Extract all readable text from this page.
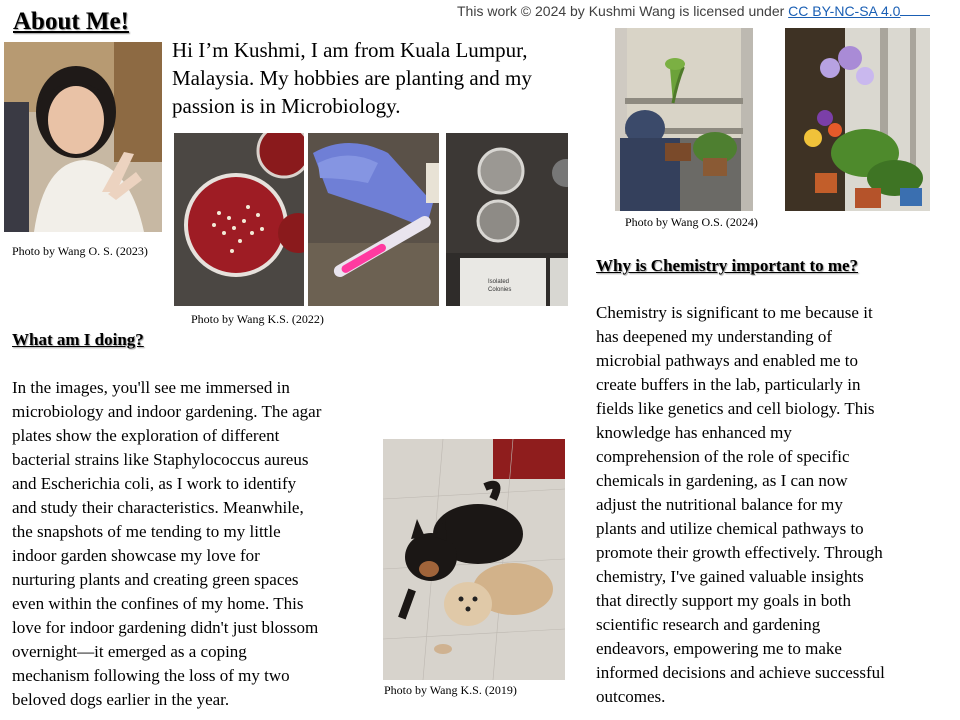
About Me!	This work © 2024 by Kushmi Wang is licensed under CC BY-NC-SA 4.0
Photo by Wang O. S. (2023)
Hi I’m Kushmi, I am from Kuala Lumpur, Malaysia. My hobbies are planting and my passion is in Microbiology.
Isolated Colonies
Photo by Wang K.S. (2022)
What am I doing?
In the images, you'll see me immersed in
microbiology and indoor gardening. The agar
plates show the exploration of different
bacterial strains like Staphylococcus aureus
and Escherichia coli, as I work to identify
and study their characteristics. Meanwhile,
the snapshots of me tending to my little
indoor garden showcase my love for
nurturing plants and creating green spaces
even within the confines of my home. This
love for indoor gardening didn't just blossom
overnight—it emerged as a coping
mechanism following the loss of my two
beloved dogs earlier in the year.	Photo by Wang K.S. (2019)
Photo by Wang O.S. (2024)
Why is Chemistry important to me?
Chemistry is significant to me because it
has deepened my understanding of
microbial pathways and enabled me to
create buffers in the lab, particularly in
fields like genetics and cell biology. This
knowledge has enhanced my
comprehension of the role of specific
chemicals in gardening, as I can now
adjust the nutritional balance for my
plants and utilize chemical pathways to
promote their growth effectively. Through
chemistry, I've gained valuable insights
that directly support my goals in both
scientific research and gardening
endeavors, empowering me to make
informed decisions and achieve successful
outcomes.
